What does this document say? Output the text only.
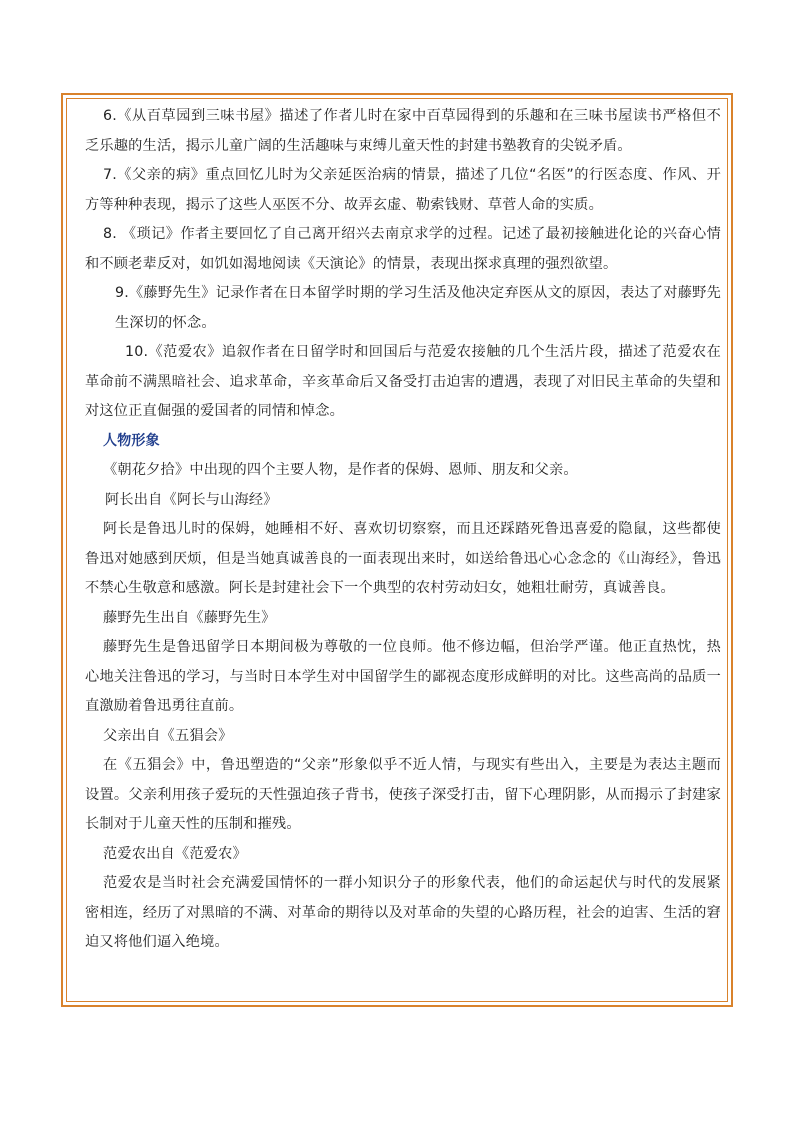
6.《从百草园到三味书屋》描述了作者儿时在家中百草园得到的乐趣和在三味书屋读书严格但不乏乐趣的生活，揭示儿童广阔的生活趣味与束缚儿童天性的封建书塾教育的尖锐矛盾。

7.《父亲的病》重点回忆儿时为父亲延医治病的情景，描述了几位“名医”的行医态度、作风、开方等种种表现，揭示了这些人巫医不分、故弄玄虚、勒索钱财、草菅人命的实质。

8. 《琐记》作者主要回忆了自己离开绍兴去南京求学的过程。记述了最初接触进化论的兴奋心情和不顾老辈反对，如饥如渴地阅读《天演论》的情景，表现出探求真理的强烈欲望。

9.《藤野先生》记录作者在日本留学时期的学习生活及他决定弃医从文的原因，表达了对藤野先生深切的怀念。

10.《范爱农》追叙作者在日留学时和回国后与范爱农接触的几个生活片段，描述了范爱农在革命前不满黑暗社会、追求革命，辛亥革命后又备受打击迫害的遭遇，表现了对旧民主革命的失望和对这位正直倔强的爱国者的同情和悼念。

人物形象

《朝花夕拾》中出现的四个主要人物，是作者的保姆、恩师、朋友和父亲。

阿长出自《阿长与山海经》

阿长是鲁迅儿时的保姆，她睡相不好、喜欢切切察察，而且还踩踏死鲁迅喜爱的隐鼠，这些都使鲁迅对她感到厌烦，但是当她真诚善良的一面表现出来时，如送给鲁迅心心念念的《山海经》，鲁迅不禁心生敬意和感激。阿长是封建社会下一个典型的农村劳动妇女，她粗壮耐劳，真诚善良。

藤野先生出自《藤野先生》

藤野先生是鲁迅留学日本期间极为尊敬的一位良师。他不修边幅，但治学严谨。他正直热忱，热心地关注鲁迅的学习，与当时日本学生对中国留学生的鄙视态度形成鲜明的对比。这些高尚的品质一直激励着鲁迅勇往直前。

父亲出自《五猖会》

在《五猖会》中，鲁迅塑造的“父亲”形象似乎不近人情，与现实有些出入，主要是为表达主题而设置。父亲利用孩子爱玩的天性强迫孩子背书，使孩子深受打击，留下心理阴影，从而揭示了封建家长制对于儿童天性的压制和摧残。

范爱农出自《范爱农》

范爱农是当时社会充满爱国情怀的一群小知识分子的形象代表，他们的命运起伏与时代的发展紧密相连，经历了对黑暗的不满、对革命的期待以及对革命的失望的心路历程，社会的迫害、生活的窘迫又将他们逼入绝境。
